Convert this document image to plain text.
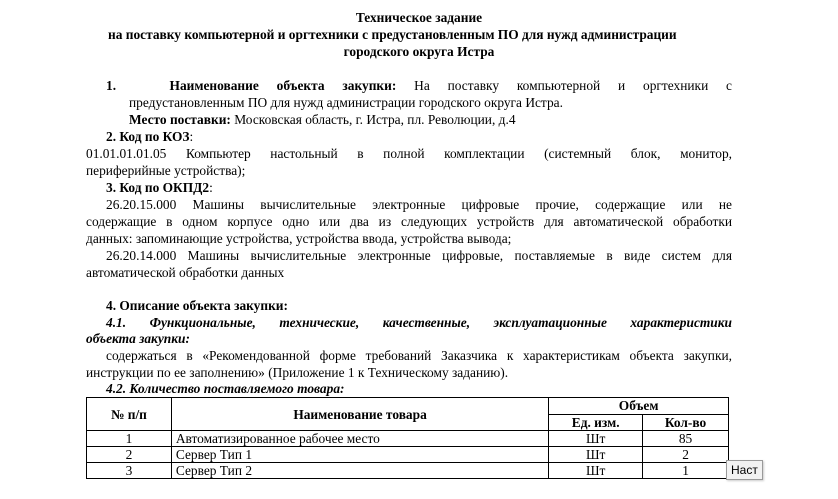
Техническое задание
на поставку компьютерной и оргтехники с предустановленным ПО для нужд администрации
городского округа Истра
1.	Наименование объекта закупки: На поставку компьютерной и оргтехники с
предустановленным ПО для нужд администрации городского округа Истра.
Место поставки: Московская область, г. Истра, пл. Революции, д.4
2. Код по КОЗ:
01.01.01.01.05 Компьютер настольный в полной комплектации (системный блок, монитор,
периферийные устройства);
3. Код по ОКПД2:
26.20.15.000 Машины вычислительные электронные цифровые прочие, содержащие или не
содержащие в одном корпусе одно или два из следующих устройств для автоматической обработки
данных: запоминающие устройства, устройства ввода, устройства вывода;
26.20.14.000 Машины вычислительные электронные цифровые, поставляемые в виде систем для
автоматической обработки данных
4. Описание объекта закупки:
4.1. Функциональные, технические, качественные, эксплуатационные характеристики
объекта закупки:
содержаться в «Рекомендованной форме требований Заказчика к характеристикам объекта закупки,
инструкции по ее заполнению» (Приложение 1 к Техническому заданию).
4.2. Количество поставляемого товара:
№ п/п	Наименование товара	Объем	
		Ед. изм.	Кол-во
1	Автоматизированное рабочее место	Шт	85
2	Сервер Тип 1	Шт	2
3	Сервер Тип 2	Шт	1	Наст
